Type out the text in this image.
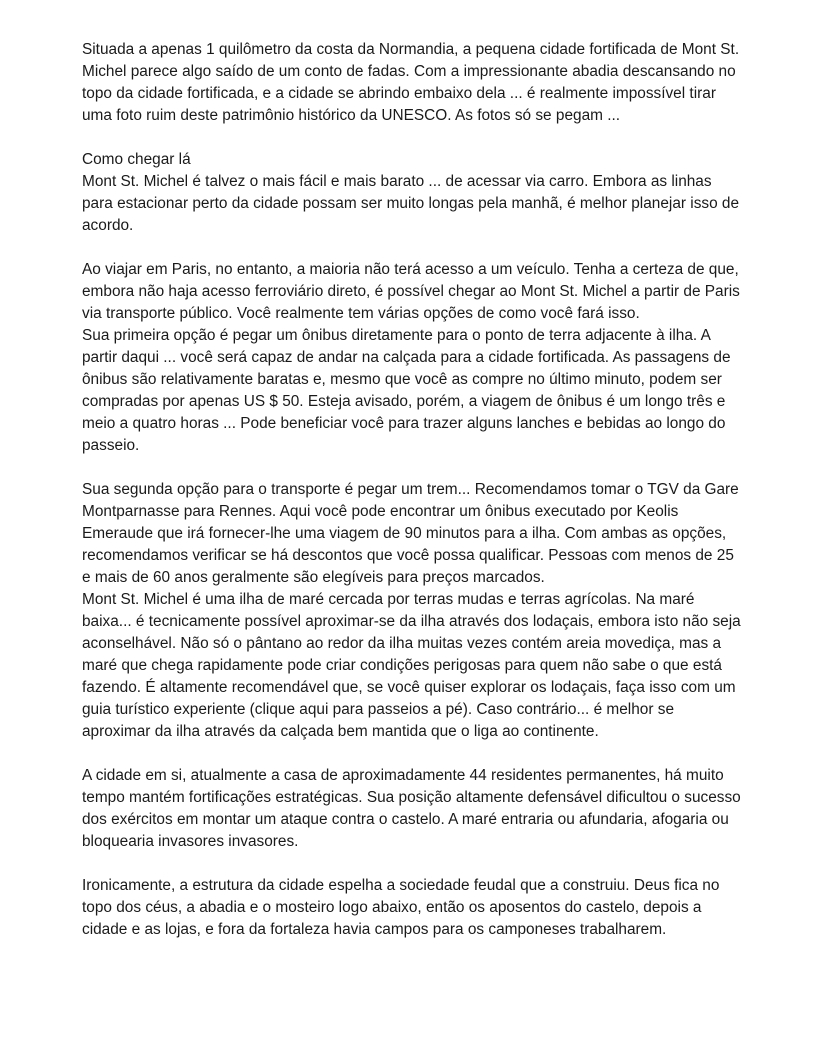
Situada a apenas 1 quilômetro da costa da Normandia, a pequena cidade fortificada de Mont St. Michel parece algo saído de um conto de fadas. Com a impressionante abadia descansando no topo da cidade fortificada, e a cidade se abrindo embaixo dela ... é realmente impossível tirar uma foto ruim deste patrimônio histórico da UNESCO. As fotos só se pegam ...

Como chegar lá

Mont St. Michel é talvez o mais fácil e mais barato ... de acessar via carro. Embora as linhas para estacionar perto da cidade possam ser muito longas pela manhã, é melhor planejar isso de acordo.

Ao viajar em Paris, no entanto, a maioria não terá acesso a um veículo. Tenha a certeza de que, embora não haja acesso ferroviário direto, é possível chegar ao Mont St. Michel a partir de Paris via transporte público. Você realmente tem várias opções de como você fará isso.

Sua primeira opção é pegar um ônibus diretamente para o ponto de terra adjacente à ilha. A partir daqui ... você será capaz de andar na calçada para a cidade fortificada. As passagens de ônibus são relativamente baratas e, mesmo que você as compre no último minuto, podem ser compradas por apenas US $ 50. Esteja avisado, porém, a viagem de ônibus é um longo três e meio a quatro horas ... Pode beneficiar você para trazer alguns lanches e bebidas ao longo do passeio.

Sua segunda opção para o transporte é pegar um trem... Recomendamos tomar o TGV da Gare Montparnasse para Rennes. Aqui você pode encontrar um ônibus executado por Keolis Emeraude que irá fornecer-lhe uma viagem de 90 minutos para a ilha. Com ambas as opções, recomendamos verificar se há descontos que você possa qualificar. Pessoas com menos de 25 e mais de 60 anos geralmente são elegíveis para preços marcados.

Mont St. Michel é uma ilha de maré cercada por terras mudas e terras agrícolas. Na maré baixa... é tecnicamente possível aproximar-se da ilha através dos lodaçais, embora isto não seja aconselhável. Não só o pântano ao redor da ilha muitas vezes contém areia movediça, mas a maré que chega rapidamente pode criar condições perigosas para quem não sabe o que está fazendo. É altamente recomendável que, se você quiser explorar os lodaçais, faça isso com um guia turístico experiente (clique aqui para passeios a pé). Caso contrário... é melhor se aproximar da ilha através da calçada bem mantida que o liga ao continente.

A cidade em si, atualmente a casa de aproximadamente 44 residentes permanentes, há muito tempo mantém fortificações estratégicas. Sua posição altamente defensável dificultou o sucesso dos exércitos em montar um ataque contra o castelo. A maré entraria ou afundaria, afogaria ou bloquearia invasores invasores.

Ironicamente, a estrutura da cidade espelha a sociedade feudal que a construiu. Deus fica no topo dos céus, a abadia e o mosteiro logo abaixo, então os aposentos do castelo, depois a cidade e as lojas, e fora da fortaleza havia campos para os camponeses trabalharem.
